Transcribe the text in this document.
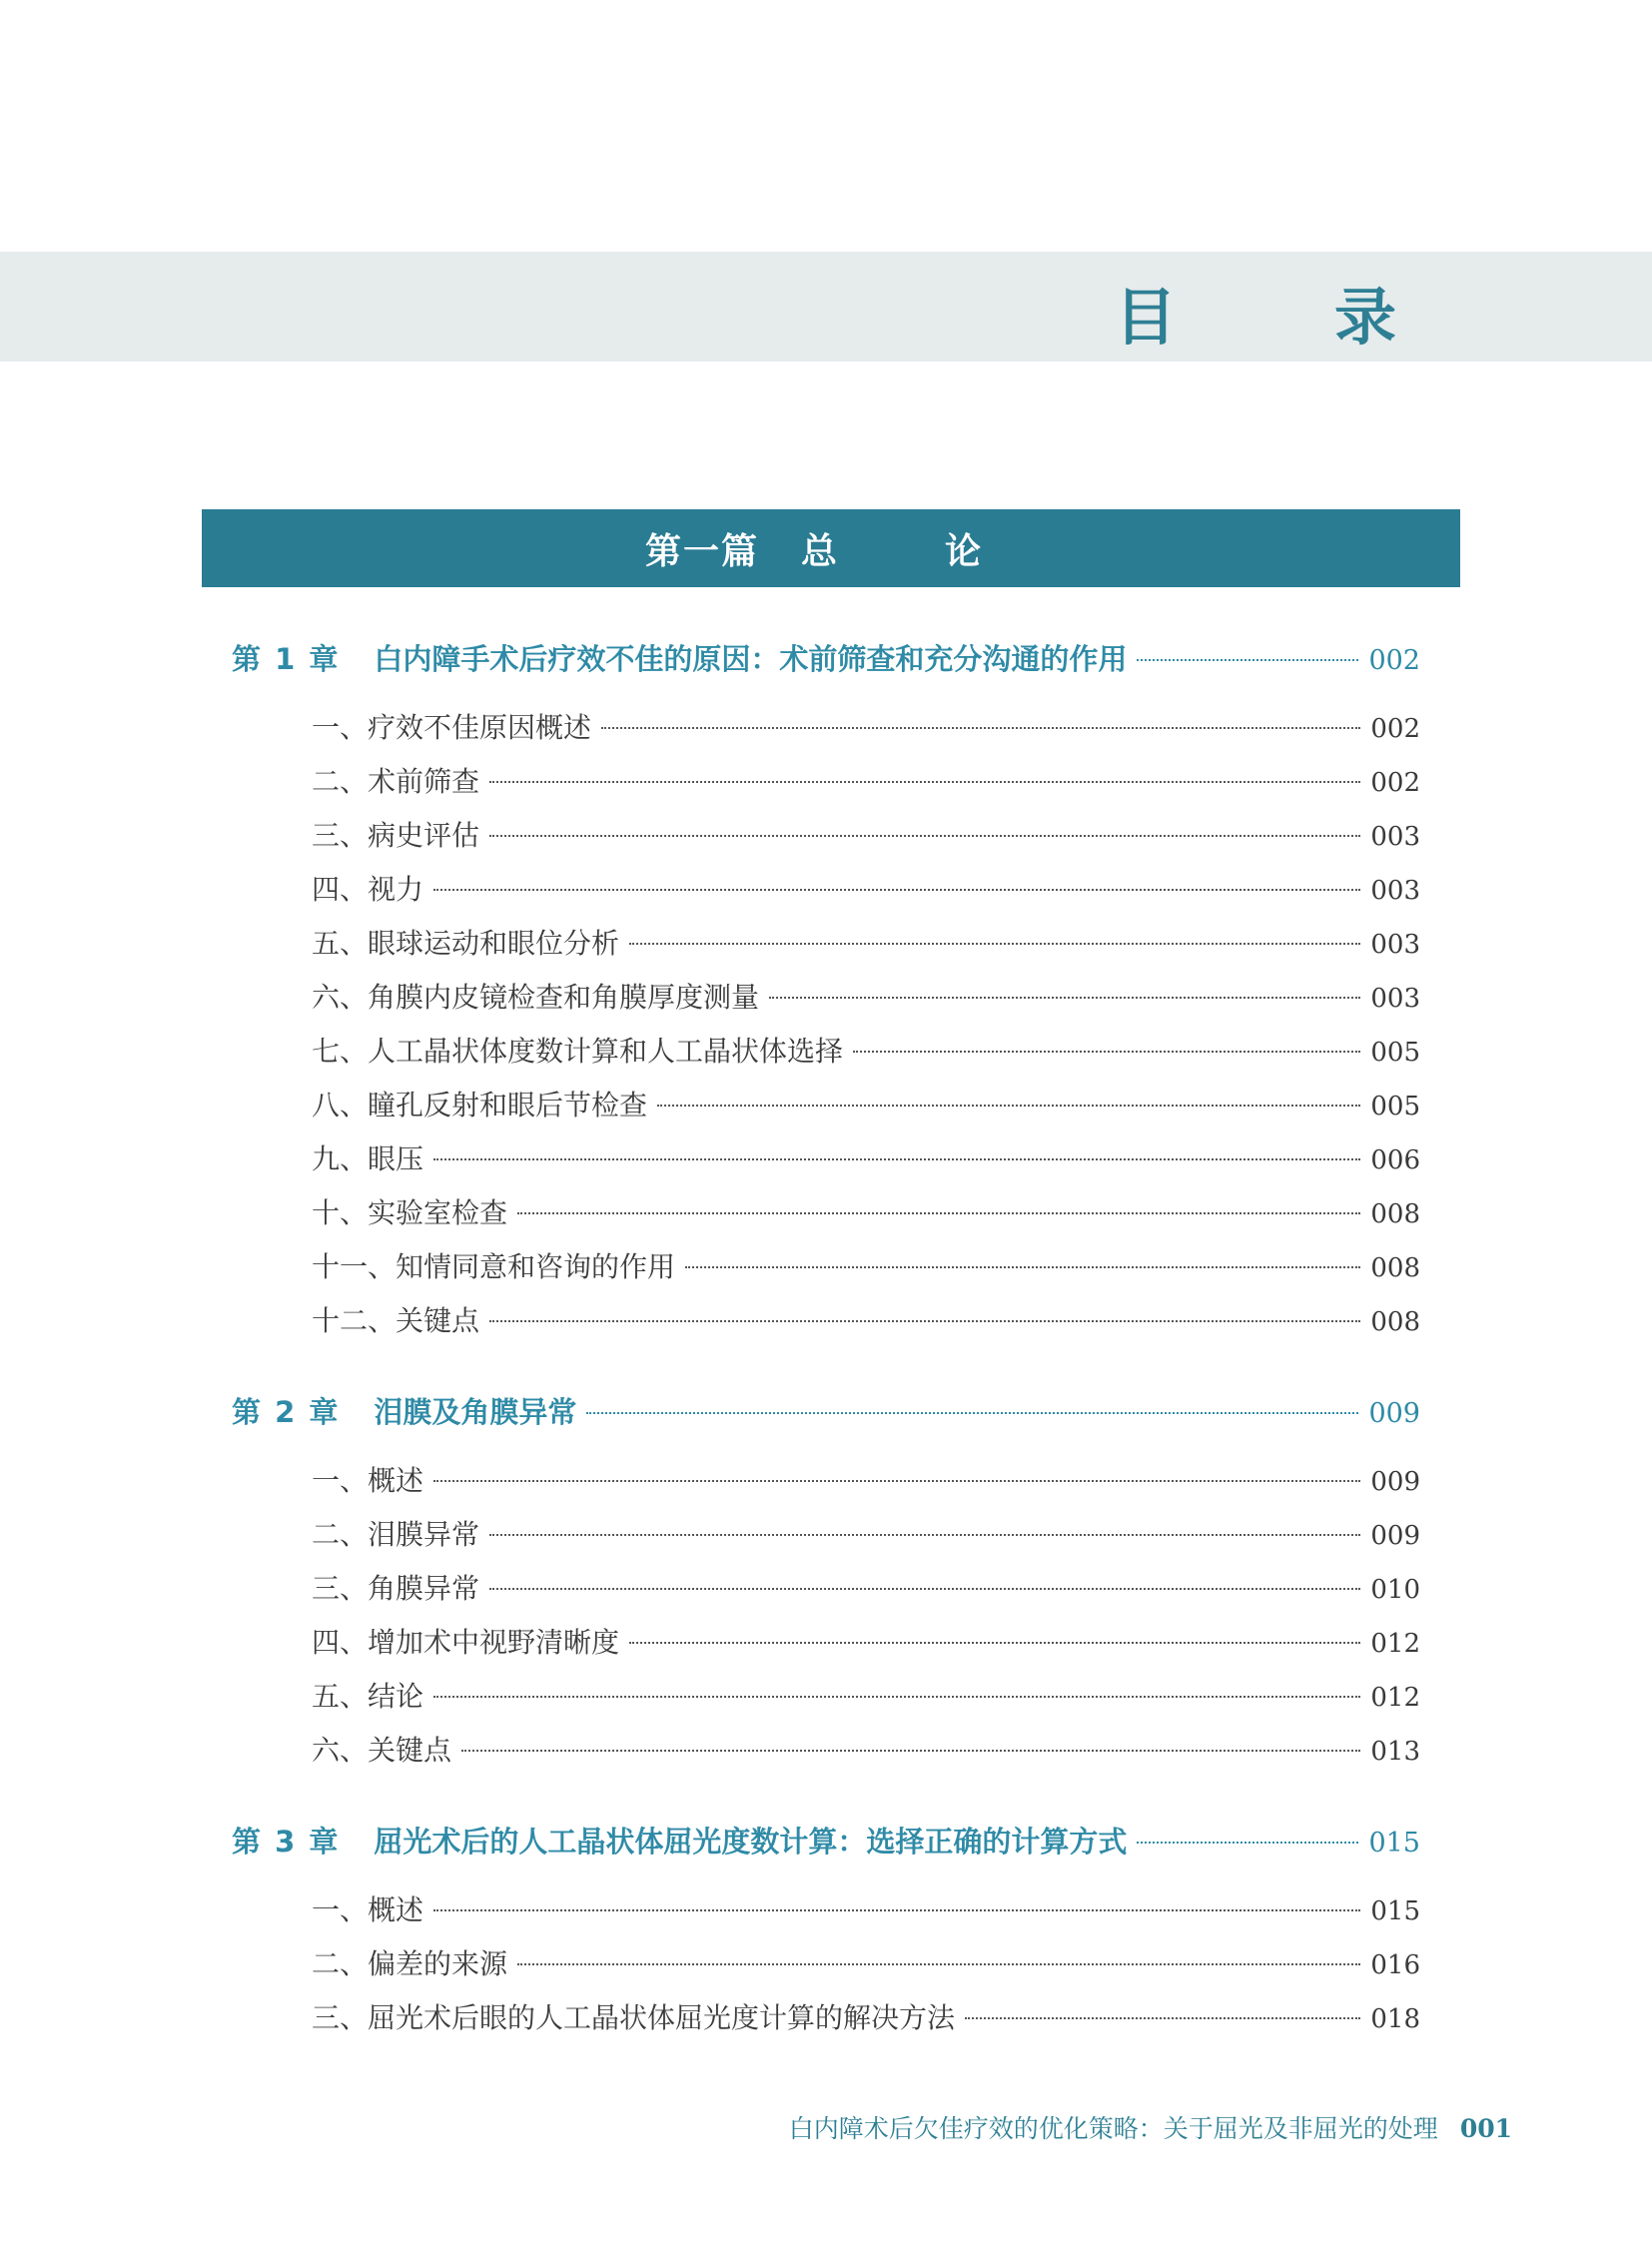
目　录
第一篇 总　论
第 1 章 白内障手术后疗效不佳的原因：术前筛查和充分沟通的作用	002
一、疗效不佳原因概述	002
二、术前筛查	002
三、病史评估	003
四、视力	003
五、眼球运动和眼位分析	003
六、角膜内皮镜检查和角膜厚度测量	003
七、人工晶状体度数计算和人工晶状体选择	005
八、瞳孔反射和眼后节检查	005
九、眼压	006
十、实验室检查	008
十一、知情同意和咨询的作用	008
十二、关键点	008
第 2 章 泪膜及角膜异常	009
一、概述	009
二、泪膜异常	009
三、角膜异常	010
四、增加术中视野清晰度	012
五、结论	012
六、关键点	013
第 3 章 屈光术后的人工晶状体屈光度数计算：选择正确的计算方式	015
一、概述	015
二、偏差的来源	016
三、屈光术后眼的人工晶状体屈光度计算的解决方法	018
白内障术后欠佳疗效的优化策略：关于屈光及非屈光的处理 001
